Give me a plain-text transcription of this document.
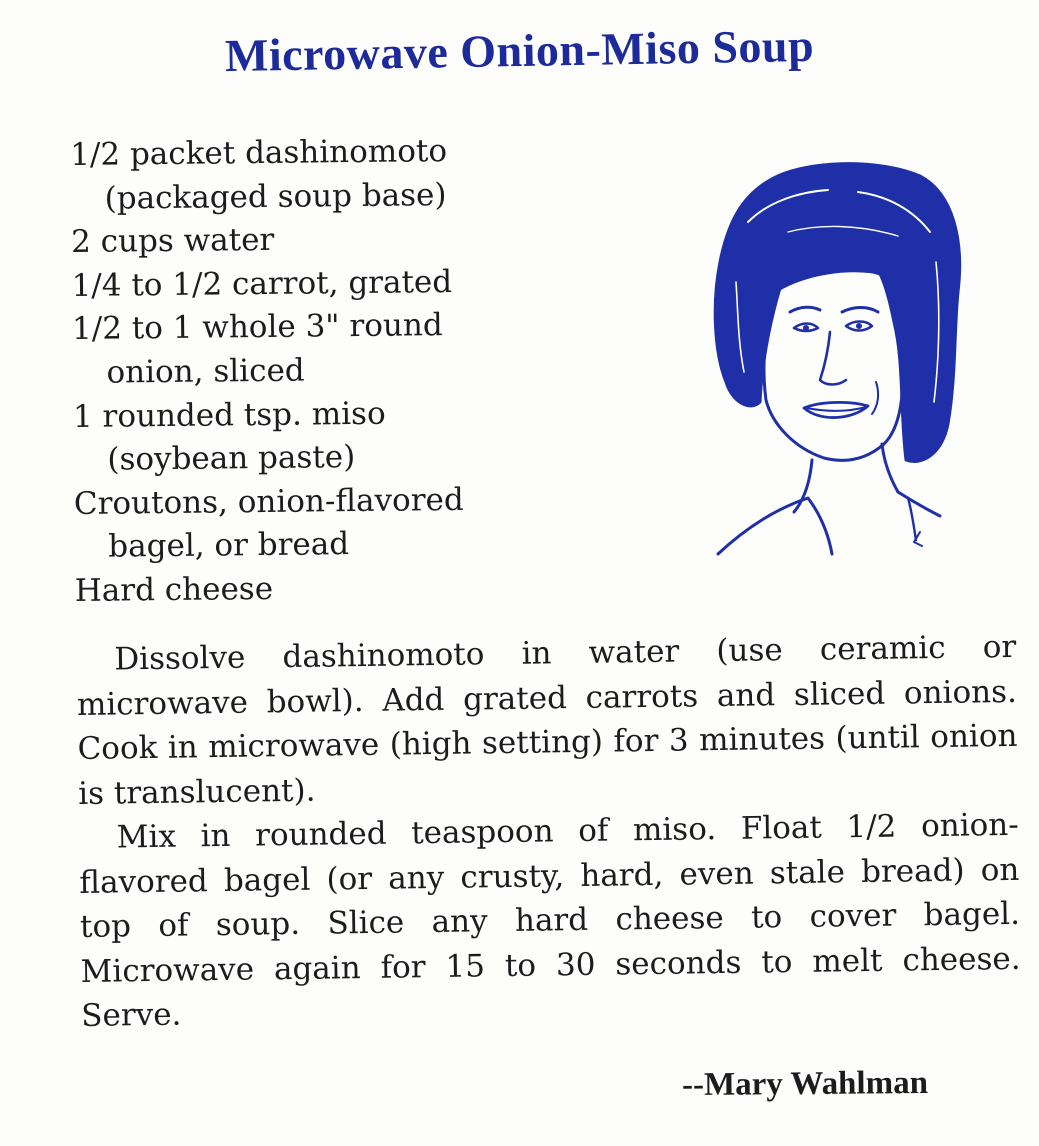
Microwave Onion-Miso Soup
1/2 packet dashinomoto
(packaged soup base)
2 cups water
1/4 to 1/2 carrot, grated
1/2 to 1 whole 3" round
onion, sliced
1 rounded tsp. miso
(soybean paste)
Croutons, onion-flavored
bagel, or bread
Hard cheese

Dissolve dashinomoto in water (use ceramic or microwave bowl). Add grated carrots and sliced onions. Cook in microwave (high setting) for 3 minutes (until onion is translucent).

Mix in rounded teaspoon of miso. Float 1/2 onion-flavored bagel (or any crusty, hard, even stale bread) on top of soup. Slice any hard cheese to cover bagel. Microwave again for 15 to 30 seconds to melt cheese. Serve.

--Mary Wahlman
